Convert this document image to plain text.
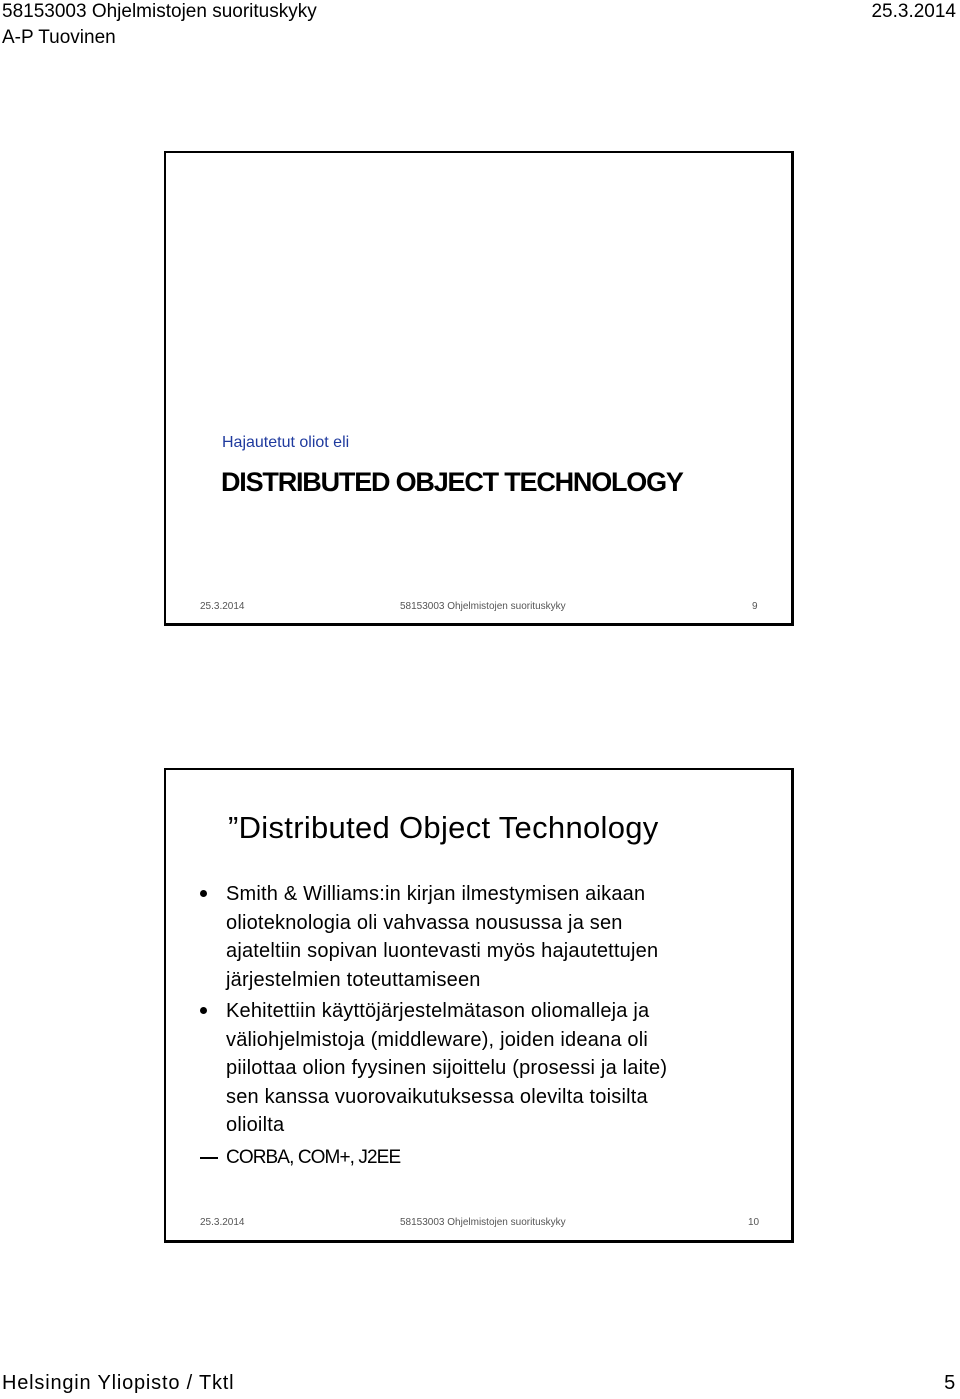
58153003 Ohjelmistojen suorituskyky	25.3.2014
A-P Tuovinen
Hajautetut oliot eli
DISTRIBUTED OBJECT TECHNOLOGY
25.3.2014	58153003 Ohjelmistojen suorituskyky	9
”Distributed Object Technology
Smith & Williams:in kirjan ilmestymisen aikaan
olioteknologia oli vahvassa nousussa ja sen
ajateltiin sopivan luontevasti myös hajautettujen
järjestelmien toteuttamiseen
Kehitettiin käyttöjärjestelmätason oliomalleja ja
väliohjelmistoja (middleware), joiden ideana oli
piilottaa olion fyysinen sijoittelu (prosessi ja laite)
sen kanssa vuorovaikutuksessa olevilta toisilta
olioilta
CORBA, COM+, J2EE
25.3.2014	58153003 Ohjelmistojen suorituskyky	10
Helsingin Yliopisto / Tktl	5
